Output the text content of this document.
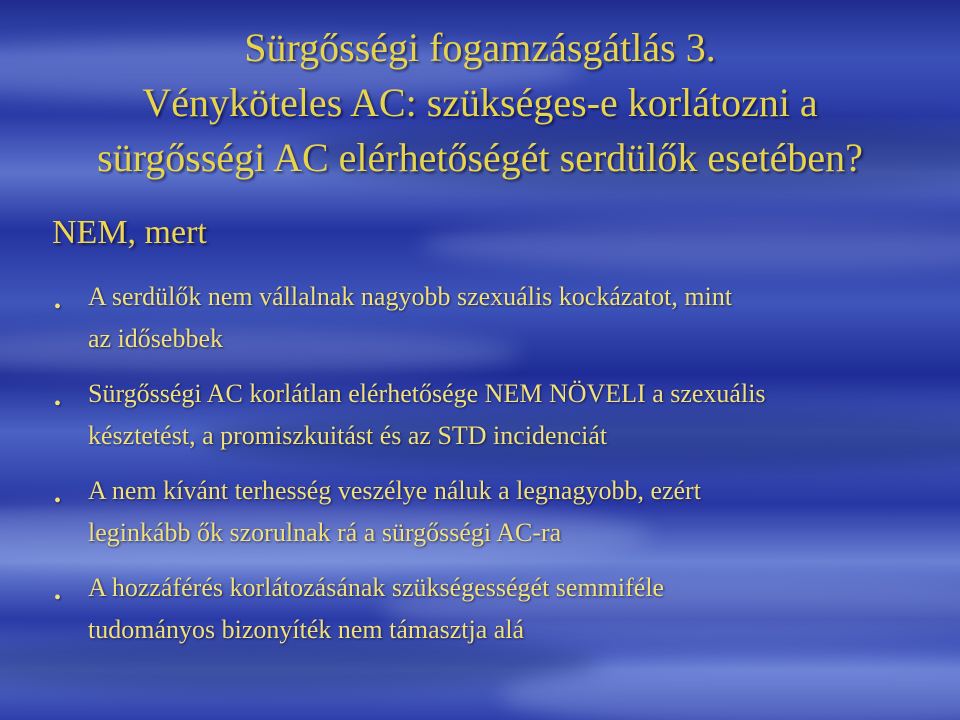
Sürgősségi fogamzásgátlás 3.
Vényköteles AC: szükséges-e korlátozni a
sürgősségi AC elérhetőségét serdülők esetében?

NEM, mert

• A serdülők nem vállalnak nagyobb szexuális kockázatot, mint
az idősebbek
• Sürgősségi AC korlátlan elérhetősége NEM NÖVELI a szexuális
késztetést, a promiszkuitást és az STD incidenciát
• A nem kívánt terhesség veszélye náluk a legnagyobb, ezért
leginkább ők szorulnak rá a sürgősségi AC-ra
• A hozzáférés korlátozásának szükségességét semmiféle
tudományos bizonyíték nem támasztja alá
